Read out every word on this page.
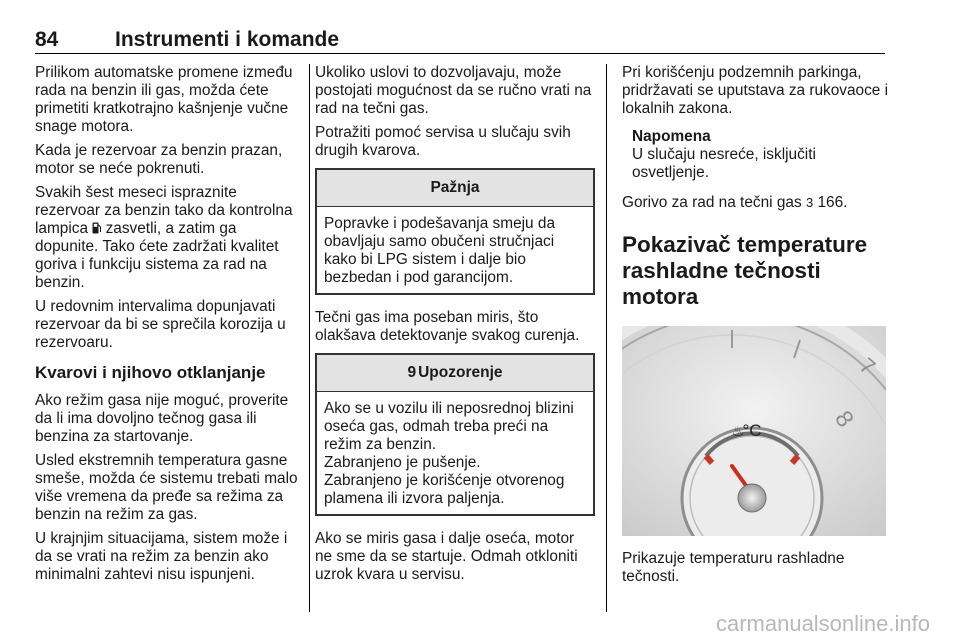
84	Instrumenti i komande

Prilikom automatske promene između rada na benzin ili gas, možda ćete primetiti kratkotrajno kašnjenje vučne snage motora.

Kada je rezervoar za benzin prazan, motor se neće pokrenuti.

Svakih šest meseci ispraznite rezervoar za benzin tako da kontrolna lampica  zasvetli, a zatim ga dopunite. Tako ćete zadržati kvalitet goriva i funkciju sistema za rad na benzin.

U redovnim intervalima dopunjavati rezervoar da bi se sprečila korozija u rezervoaru.

Kvarovi i njihovo otklanjanje

Ako režim gasa nije moguć, proverite da li ima dovoljno tečnog gasa ili benzina za startovanje.

Usled ekstremnih temperatura gasne smeše, možda će sistemu trebati malo više vremena da pređe sa režima za benzin na režim za gas.

U krajnjim situacijama, sistem može i da se vrati na režim za benzin ako minimalni zahtevi nisu ispunjeni.

Ukoliko uslovi to dozvoljavaju, može postojati mogućnost da se ručno vrati na rad na tečni gas.

Potražiti pomoć servisa u slučaju svih drugih kvarova.

Pažnja

Popravke i podešavanja smeju da obavljaju samo obučeni stručnjaci kako bi LPG sistem i dalje bio bezbedan i pod garancijom.

Tečni gas ima poseban miris, što olakšava detektovanje svakog curenja.

9 Upozorenje

Ako se u vozilu ili neposrednoj blizini oseća gas, odmah treba preći na režim za benzin.

Zabranjeno je pušenje.

Zabranjeno je korišćenje otvorenog plamena ili izvora paljenja.

Ako se miris gasa i dalje oseća, motor ne sme da se startuje. Odmah otkloniti uzrok kvara u servisu.

Pri korišćenju podzemnih parkinga, pridržavati se uputstava za rukovaoce i lokalnih zakona.

Napomena
U slučaju nesreće, isključiti osvetljenje.

Gorivo za rad na tečni gas 3 166.

Pokazivač temperature rashladne tečnosti motora
°C
♨
7
8

Prikazuje temperaturu rashladne tečnosti.

carmanualsonline.info
